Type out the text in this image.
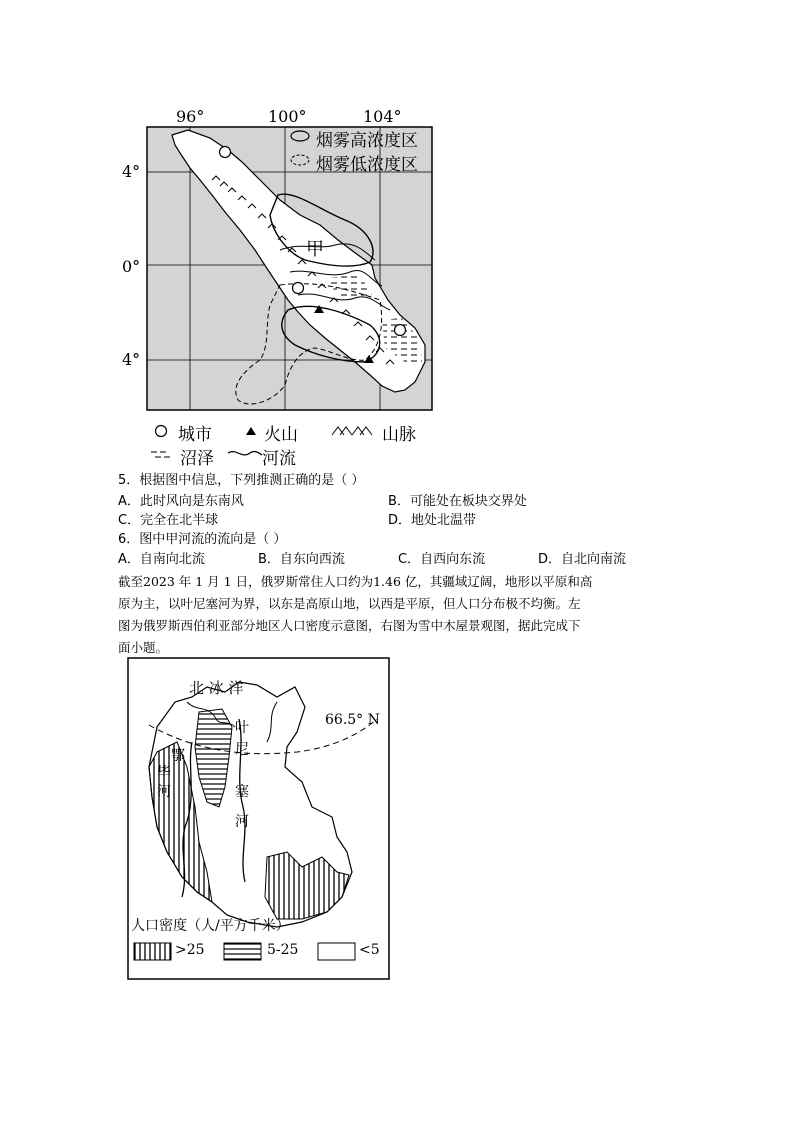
96°	100°	104°
4°
0°
4°
烟雾高浓度区
烟雾低浓度区
甲
城市	火山	山脉
沼泽	河流
5．根据图中信息，下列推测正确的是（ ）
A．此时风向是东南风	B．可能处在板块交界处
C．完全在北半球	D．地处北温带
6．图中甲河流的流向是（ ）
A．自南向北流	B．自东向西流	C．自西向东流	D．自北向南流
截至2023 年 1 月 1 日，俄罗斯常住人口约为1.46 亿，其疆域辽阔，地形以平原和高
原为主，以叶尼塞河为界，以东是高原山地，以西是平原，但人口分布极不均衡。左
图为俄罗斯西伯利亚部分地区人口密度示意图，右图为雪中木屋景观图，据此完成下
面小题。
北 冰 洋
66.5° N
鄂
毕
河
叶
尼
塞
河
人口密度（人/平方千米）
>25	5-25	<5
